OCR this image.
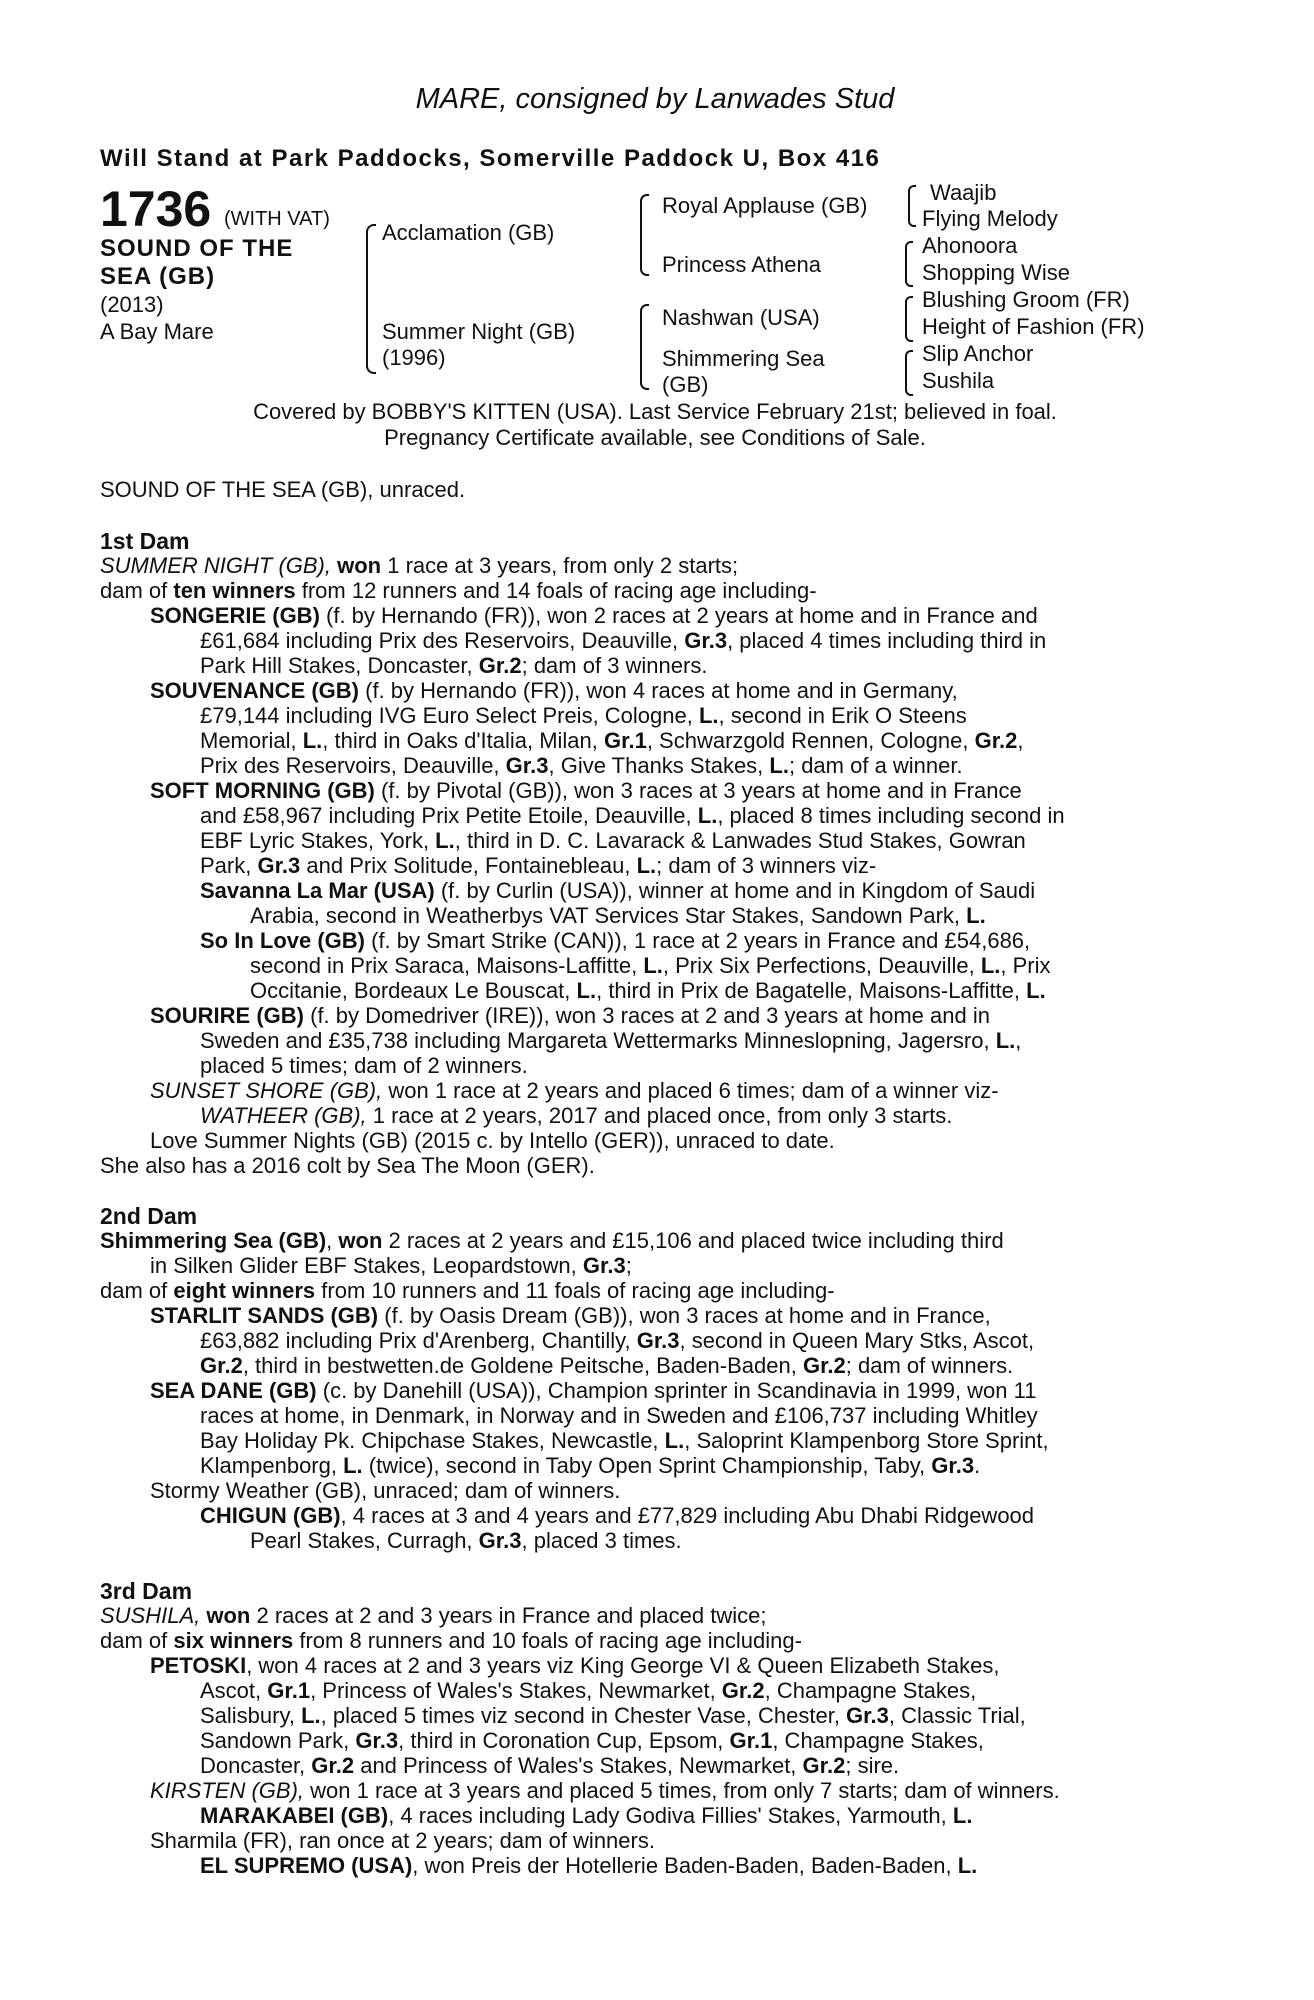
MARE, consigned by Lanwades Stud
Will Stand at Park Paddocks, Somerville Paddock U, Box 416
1736 (WITH VAT)
SOUND OF THE
SEA (GB)
(2013)
A Bay Mare
Acclamation (GB)
Summer Night (GB)
(1996)
Royal Applause (GB)
Princess Athena
Nashwan (USA)
Shimmering Sea
(GB)
Waajib
Flying Melody
Ahonoora
Shopping Wise
Blushing Groom (FR)
Height of Fashion (FR)
Slip Anchor
Sushila
Covered by BOBBY'S KITTEN (USA). Last Service February 21st; believed in foal.
Pregnancy Certificate available, see Conditions of Sale.
SOUND OF THE SEA (GB), unraced.
1st Dam
SUMMER NIGHT (GB), won 1 race at 3 years, from only 2 starts;
dam of ten winners from 12 runners and 14 foals of racing age including-
SONGERIE (GB) (f. by Hernando (FR)), won 2 races at 2 years at home and in France and
£61,684 including Prix des Reservoirs, Deauville, Gr.3, placed 4 times including third in
Park Hill Stakes, Doncaster, Gr.2; dam of 3 winners.
SOUVENANCE (GB) (f. by Hernando (FR)), won 4 races at home and in Germany,
£79,144 including IVG Euro Select Preis, Cologne, L., second in Erik O Steens
Memorial, L., third in Oaks d'Italia, Milan, Gr.1, Schwarzgold Rennen, Cologne, Gr.2,
Prix des Reservoirs, Deauville, Gr.3, Give Thanks Stakes, L.; dam of a winner.
SOFT MORNING (GB) (f. by Pivotal (GB)), won 3 races at 3 years at home and in France
and £58,967 including Prix Petite Etoile, Deauville, L., placed 8 times including second in
EBF Lyric Stakes, York, L., third in D. C. Lavarack & Lanwades Stud Stakes, Gowran
Park, Gr.3 and Prix Solitude, Fontainebleau, L.; dam of 3 winners viz-
Savanna La Mar (USA) (f. by Curlin (USA)), winner at home and in Kingdom of Saudi
Arabia, second in Weatherbys VAT Services Star Stakes, Sandown Park, L.
So In Love (GB) (f. by Smart Strike (CAN)), 1 race at 2 years in France and £54,686,
second in Prix Saraca, Maisons-Laffitte, L., Prix Six Perfections, Deauville, L., Prix
Occitanie, Bordeaux Le Bouscat, L., third in Prix de Bagatelle, Maisons-Laffitte, L.
SOURIRE (GB) (f. by Domedriver (IRE)), won 3 races at 2 and 3 years at home and in
Sweden and £35,738 including Margareta Wettermarks Minneslopning, Jagersro, L.,
placed 5 times; dam of 2 winners.
SUNSET SHORE (GB), won 1 race at 2 years and placed 6 times; dam of a winner viz-
WATHEER (GB), 1 race at 2 years, 2017 and placed once, from only 3 starts.
Love Summer Nights (GB) (2015 c. by Intello (GER)), unraced to date.
She also has a 2016 colt by Sea The Moon (GER).
2nd Dam
Shimmering Sea (GB), won 2 races at 2 years and £15,106 and placed twice including third
in Silken Glider EBF Stakes, Leopardstown, Gr.3;
dam of eight winners from 10 runners and 11 foals of racing age including-
STARLIT SANDS (GB) (f. by Oasis Dream (GB)), won 3 races at home and in France,
£63,882 including Prix d'Arenberg, Chantilly, Gr.3, second in Queen Mary Stks, Ascot,
Gr.2, third in bestwetten.de Goldene Peitsche, Baden-Baden, Gr.2; dam of winners.
SEA DANE (GB) (c. by Danehill (USA)), Champion sprinter in Scandinavia in 1999, won 11
races at home, in Denmark, in Norway and in Sweden and £106,737 including Whitley
Bay Holiday Pk. Chipchase Stakes, Newcastle, L., Saloprint Klampenborg Store Sprint,
Klampenborg, L. (twice), second in Taby Open Sprint Championship, Taby, Gr.3.
Stormy Weather (GB), unraced; dam of winners.
CHIGUN (GB), 4 races at 3 and 4 years and £77,829 including Abu Dhabi Ridgewood
Pearl Stakes, Curragh, Gr.3, placed 3 times.
3rd Dam
SUSHILA, won 2 races at 2 and 3 years in France and placed twice;
dam of six winners from 8 runners and 10 foals of racing age including-
PETOSKI, won 4 races at 2 and 3 years viz King George VI & Queen Elizabeth Stakes,
Ascot, Gr.1, Princess of Wales's Stakes, Newmarket, Gr.2, Champagne Stakes,
Salisbury, L., placed 5 times viz second in Chester Vase, Chester, Gr.3, Classic Trial,
Sandown Park, Gr.3, third in Coronation Cup, Epsom, Gr.1, Champagne Stakes,
Doncaster, Gr.2 and Princess of Wales's Stakes, Newmarket, Gr.2; sire.
KIRSTEN (GB), won 1 race at 3 years and placed 5 times, from only 7 starts; dam of winners.
MARAKABEI (GB), 4 races including Lady Godiva Fillies' Stakes, Yarmouth, L.
Sharmila (FR), ran once at 2 years; dam of winners.
EL SUPREMO (USA), won Preis der Hotellerie Baden-Baden, Baden-Baden, L.
